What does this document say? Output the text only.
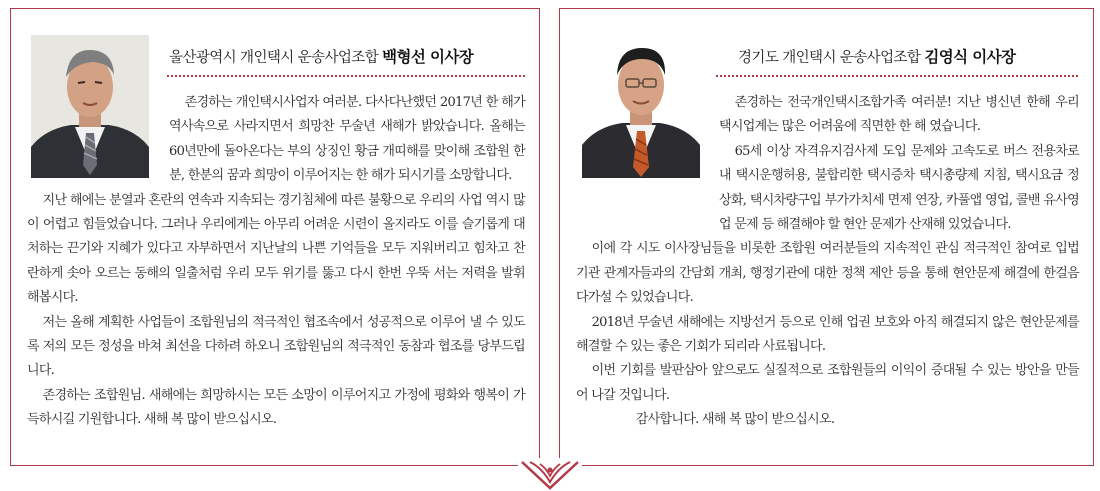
울산광역시 개인택시 운송사업조합 백형선 이사장

존경하는 개인택시사업자 여러분. 다사다난했던 2017년 한 해가 역사속으로 사라지면서 희망찬 무술년 새해가 밝았습니다. 올해는 60년만에 돌아온다는 부의 상징인 황금 개띠해를 맞이해 조합원 한분, 한분의 꿈과 희망이 이루어지는 한 해가 되시기를 소망합니다.

지난 해에는 분열과 혼란의 연속과 지속되는 경기침체에 따른 불황으로 우리의 사업 역시 많이 어렵고 힘들었습니다. 그러나 우리에게는 아무리 어려운 시련이 올지라도 이를 슬기롭게 대처하는 끈기와 지혜가 있다고 자부하면서 지난날의 나쁜 기억들을 모두 지워버리고 힘차고 찬란하게 솟아 오르는 동해의 일출처럼 우리 모두 위기를 뚫고 다시 한번 우뚝 서는 저력을 발휘 해봅시다.

저는 올해 계획한 사업들이 조합원님의 적극적인 협조속에서 성공적으로 이루어 낼 수 있도록 저의 모든 정성을 바쳐 최선을 다하려 하오니 조합원님의 적극적인 동참과 협조를 당부드립니다.

존경하는 조합원님. 새해에는 희망하시는 모든 소망이 이루어지고 가정에 평화와 행복이 가득하시길 기원합니다. 새해 복 많이 받으십시오.

경기도 개인택시 운송사업조합 김영식 이사장

존경하는 전국개인택시조합가족 여러분! 지난 병신년 한해 우리 택시업계는 많은 어려움에 직면한 한 해 였습니다.

65세 이상 자격유지검사제 도입 문제와 고속도로 버스 전용차로 내 택시운행허용, 불합리한 택시증차 택시총량제 지침, 택시요금 정상화, 택시차량구입 부가가치세 면제 연장, 카풀앱 영업, 콜밴 유사영업 문제 등 해결해야 할 현안 문제가 산재해 있었습니다.

이에 각 시도 이사장님들을 비롯한 조합원 여러분들의 지속적인 관심 적극적인 참여로 입법기관 관계자들과의 간담회 개최, 행정기관에 대한 정책 제안 등을 통해 현안문제 해결에 한걸음 다가설 수 있었습니다.

2018년 무술년 새해에는 지방선거 등으로 인해 업권 보호와 아직 해결되지 않은 현안문제를 해결할 수 있는 좋은 기회가 되리라 사료됩니다.

이번 기회를 발판삼아 앞으로도 실질적으로 조합원들의 이익이 증대될 수 있는 방안을 만들어 나갈 것입니다.

감사합니다. 새해 복 많이 받으십시오.
